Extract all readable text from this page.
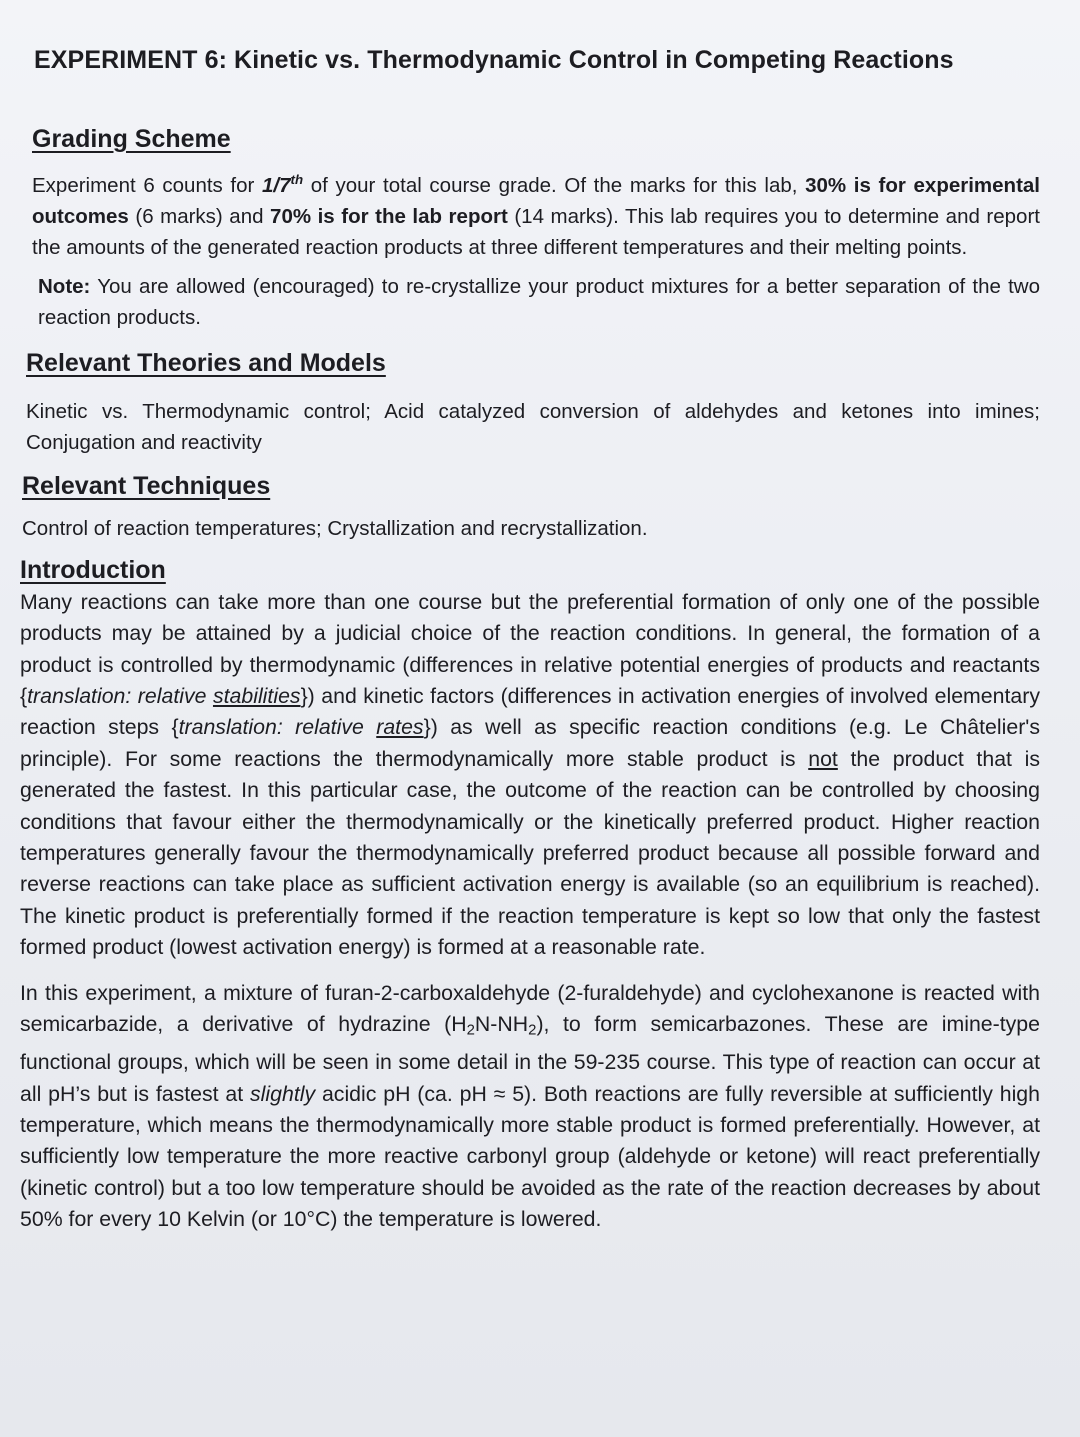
EXPERIMENT 6: Kinetic vs. Thermodynamic Control in Competing Reactions
Grading Scheme

Experiment 6 counts for 1/7th of your total course grade. Of the marks for this lab, 30% is for experimental outcomes (6 marks) and 70% is for the lab report (14 marks). This lab requires you to determine and report the amounts of the generated reaction products at three different temperatures and their melting points.

Note: You are allowed (encouraged) to re-crystallize your product mixtures for a better separation of the two reaction products.

Relevant Theories and Models

Kinetic vs. Thermodynamic control; Acid catalyzed conversion of aldehydes and ketones into imines; Conjugation and reactivity

Relevant Techniques

Control of reaction temperatures; Crystallization and recrystallization.

Introduction

Many reactions can take more than one course but the preferential formation of only one of the possible products may be attained by a judicial choice of the reaction conditions. In general, the formation of a product is controlled by thermodynamic (differences in relative potential energies of products and reactants {translation: relative stabilities}) and kinetic factors (differences in activation energies of involved elementary reaction steps {translation: relative rates}) as well as specific reaction conditions (e.g. Le Châtelier's principle). For some reactions the thermodynamically more stable product is not the product that is generated the fastest. In this particular case, the outcome of the reaction can be controlled by choosing conditions that favour either the thermodynamically or the kinetically preferred product. Higher reaction temperatures generally favour the thermodynamically preferred product because all possible forward and reverse reactions can take place as sufficient activation energy is available (so an equilibrium is reached). The kinetic product is preferentially formed if the reaction temperature is kept so low that only the fastest formed product (lowest activation energy) is formed at a reasonable rate.

In this experiment, a mixture of furan-2-carboxaldehyde (2-furaldehyde) and cyclohexanone is reacted with semicarbazide, a derivative of hydrazine $(H_2N-NH_2)$, to form semicarbazones. These are imine-type functional groups, which will be seen in some detail in the 59-235 course. This type of reaction can occur at all pH’s but is fastest at slightly acidic pH (ca. pH ≈ 5). Both reactions are fully reversible at sufficiently high temperature, which means the thermodynamically more stable product is formed preferentially. However, at sufficiently low temperature the more reactive carbonyl group (aldehyde or ketone) will react preferentially (kinetic control) but a too low temperature should be avoided as the rate of the reaction decreases by about 50% for every 10 Kelvin (or 10°C) the temperature is lowered.
